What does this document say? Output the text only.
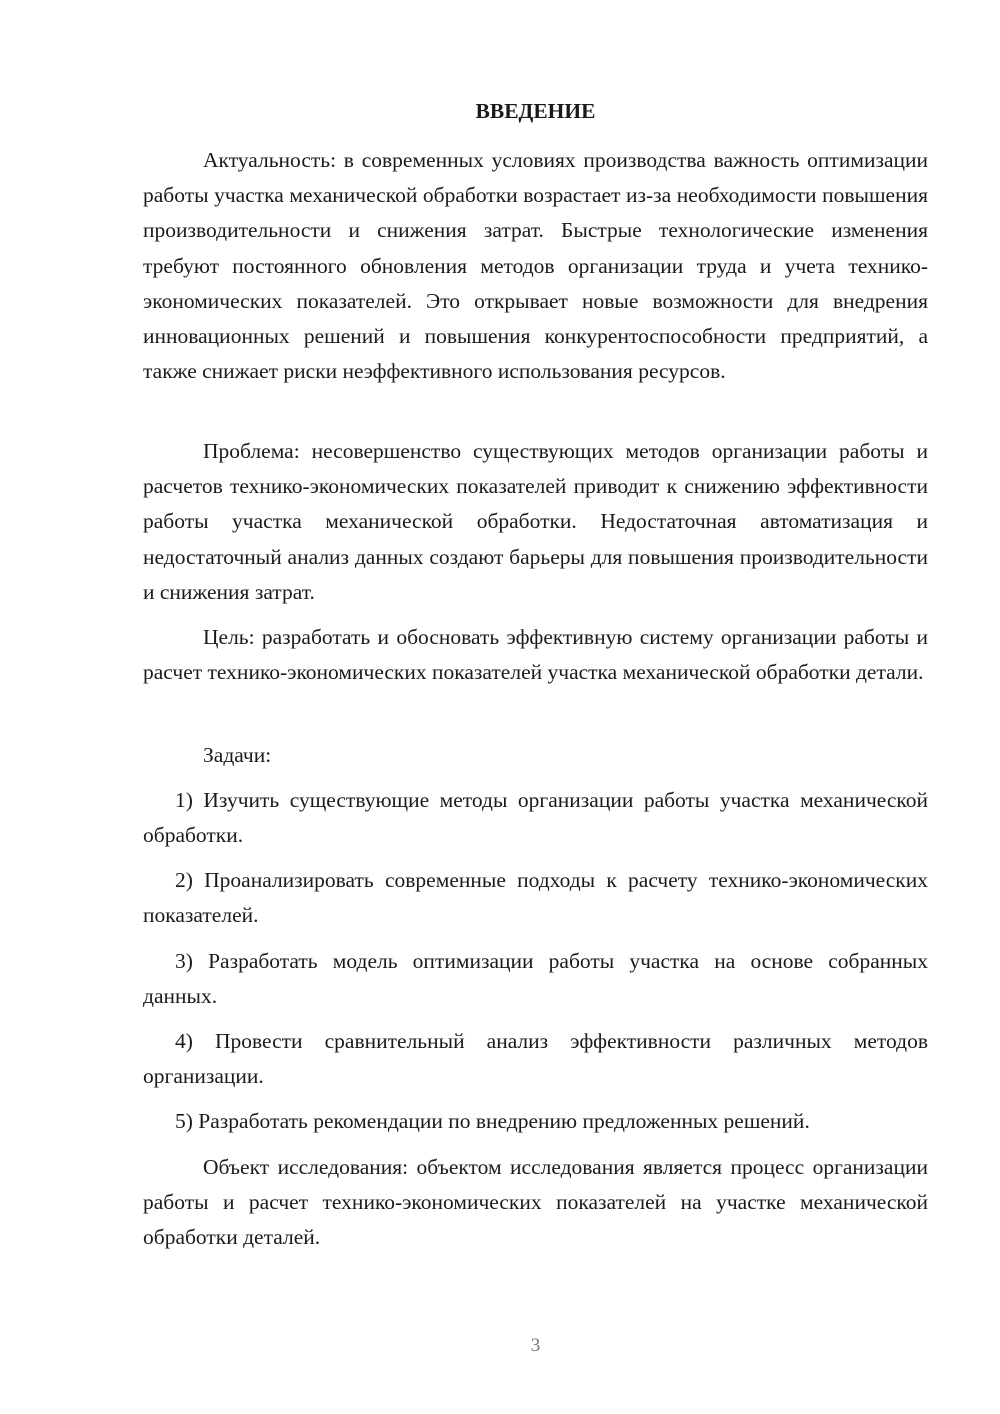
ВВЕДЕНИЕ

Актуальность: в современных условиях производства важность оптимизации работы участка механической обработки возрастает из-за необходимости повышения производительности и снижения затрат. Быстрые технологические изменения требуют постоянного обновления методов организации труда и учета технико-экономических показателей. Это открывает новые возможности для внедрения инновационных решений и повышения конкурентоспособности предприятий, а также снижает риски неэффективного использования ресурсов.

Проблема: несовершенство существующих методов организации работы и расчетов технико-экономических показателей приводит к снижению эффективности работы участка механической обработки. Недостаточная автоматизация и недостаточный анализ данных создают барьеры для повышения производительности и снижения затрат.

Цель: разработать и обосновать эффективную систему организации работы и расчет технико-экономических показателей участка механической обработки детали.

Задачи:

1) Изучить существующие методы организации работы участка механической обработки.

2) Проанализировать современные подходы к расчету технико-экономических показателей.

3) Разработать модель оптимизации работы участка на основе собранных данных.

4) Провести сравнительный анализ эффективности различных методов организации.

5) Разработать рекомендации по внедрению предложенных решений.

Объект исследования: объектом исследования является процесс организации работы и расчет технико-экономических показателей на участке механической обработки деталей.

3
